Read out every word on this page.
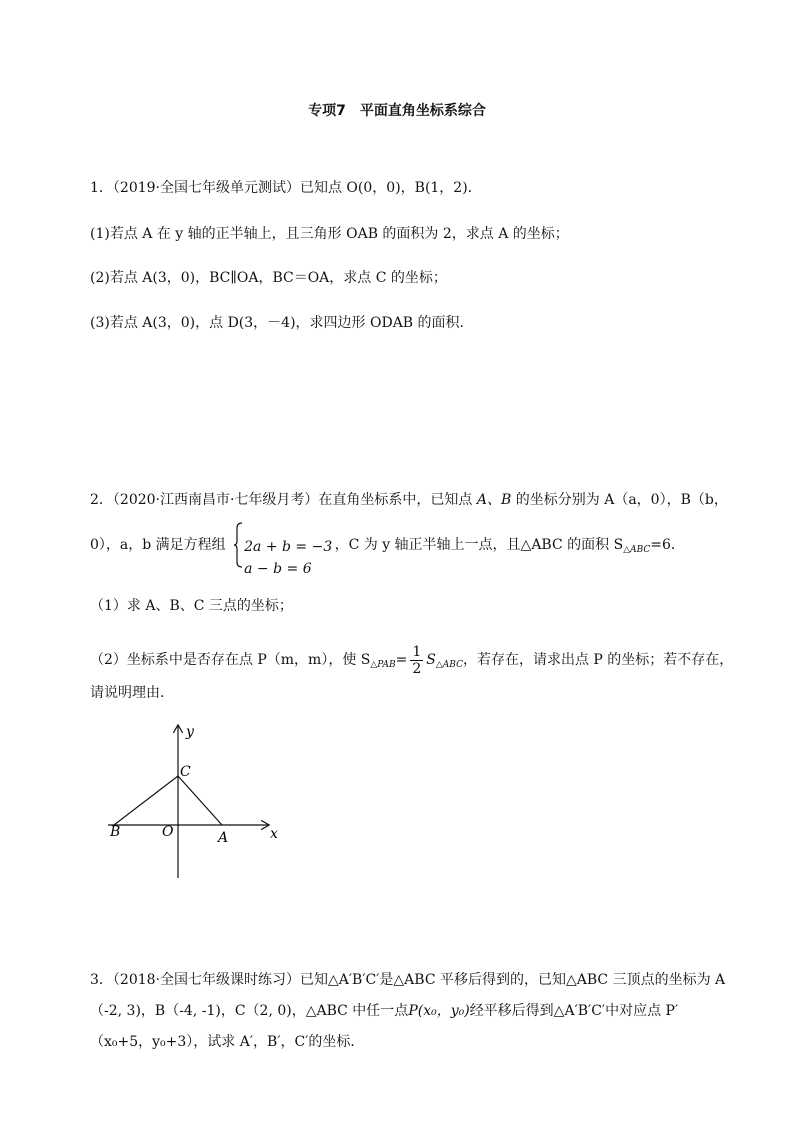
专项7　平面直角坐标系综合
1．（2019·全国七年级单元测试）已知点 O(0，0)，B(1，2)．
(1)若点 A 在 y 轴的正半轴上，且三角形 OAB 的面积为 2，求点 A 的坐标；
(2)若点 A(3，0)，BC∥OA，BC＝OA，求点 C 的坐标；
(3)若点 A(3，0)，点 D(3，－4)，求四边形 ODAB 的面积．
2．（2020·江西南昌市·七年级月考）在直角坐标系中，已知点 A、B 的坐标分别为 A（a，0），B（b，
0），a，b 满足方程组 2a + b = −3
a − b = 6
，C 为 y 轴正半轴上一点，且△ABC 的面积 $S_{\triangle ABC}=6$．
（1）求 A、B、C 三点的坐标；
（2）坐标系中是否存在点 P（m，m），使 $S_{\triangle PAB}= \frac{1}{2} S_{\triangle ABC}$，若存在，请求出点 P 的坐标；若不存在，
请说明理由．
y
x
C
B	O	A
3．（2018·全国七年级课时练习）已知△A′B′C′是△ABC 平移后得到的，已知△ABC 三顶点的坐标为 A
（-2, 3)，B（-4, -1)，C（2, 0)，△ABC 中任一点P(x₀，y₀)经平移后得到△A′B′C′中对应点 P′
（x₀+5，y₀+3），试求 A′，B′，C′的坐标．
